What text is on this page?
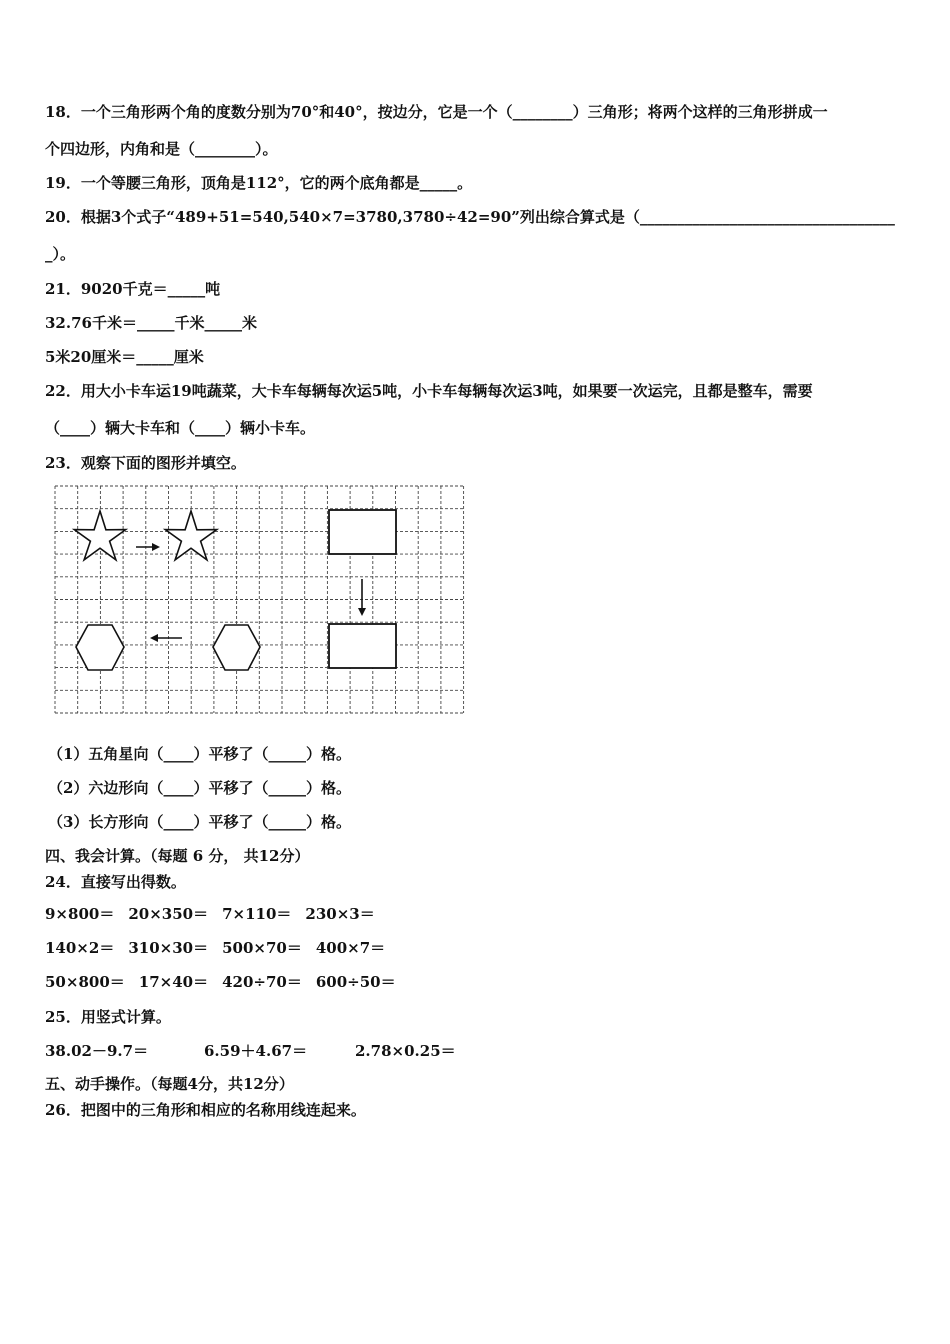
18．一个三角形两个角的度数分别为70°和40°，按边分，它是一个（________）三角形；将两个这样的三角形拼成一
个四边形，内角和是（________）。
19．一个等腰三角形，顶角是112°，它的两个底角都是_____。
20．根据3个式子“489+51=540,540×7=3780,3780÷42=90”列出综合算式是（__________________________________
_）。
21．9020千克＝_____吨
32.76千米＝_____千米_____米
5米20厘米＝_____厘米
22．用大小卡车运19吨蔬菜，大卡车每辆每次运5吨，小卡车每辆每次运3吨，如果要一次运完，且都是整车，需要
（____）辆大卡车和（____）辆小卡车。
23．观察下面的图形并填空。
（1）五角星向（____）平移了（_____）格。
（2）六边形向（____）平移了（_____）格。
（3）长方形向（____）平移了（_____）格。
四、我会计算。（每题 6 分， 共12分）
24．直接写出得数。
9×800＝ 20×350＝ 7×110＝ 230×3＝
140×2＝ 310×30＝ 500×70＝ 400×7＝
50×800＝ 17×40＝ 420÷70＝ 600÷50＝
25．用竖式计算。
38.02－9.7＝	6.59＋4.67＝	2.78×0.25＝
五、动手操作。（每题4分，共12分）
26．把图中的三角形和相应的名称用线连起来。
